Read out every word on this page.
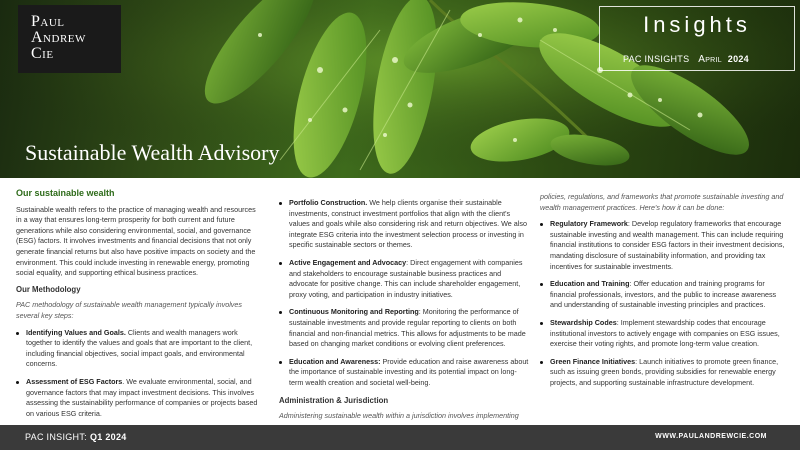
Paul
Andrew
Cie
Insights
PAC INSIGHTS April 2024
Sustainable Wealth Advisory
Our sustainable wealth

Sustainable wealth refers to the practice of managing wealth and resources in a way that ensures long-term prosperity for both current and future generations while also considering environmental, social, and governance (ESG) factors. It involves investments and financial decisions that not only generate financial returns but also have positive impacts on society and the environment. This could include investing in renewable energy, promoting social equality, and supporting ethical business practices.

Our Methodology

PAC methodology of sustainable wealth management typically involves several key steps:

Identifying Values and Goals. Clients and wealth managers work together to identify the values and goals that are important to the client, including financial objectives, social impact goals, and environmental concerns.
Assessment of ESG Factors. We evaluate environmental, social, and governance factors that may impact investment decisions. This involves assessing the sustainability performance of companies or projects based on various ESG criteria.
Portfolio Construction. We help clients organise their sustainable investments, construct investment portfolios that align with the client's values and goals while also considering risk and return objectives. We also integrate ESG criteria into the investment selection process or investing in specific sustainable sectors or themes.
Active Engagement and Advocacy: Direct engagement with companies and stakeholders to encourage sustainable business practices and advocate for positive change. This can include shareholder engagement, proxy voting, and participation in industry initiatives.
Continuous Monitoring and Reporting: Monitoring the performance of sustainable investments and provide regular reporting to clients on both financial and non-financial metrics. This allows for adjustments to be made based on changing market conditions or evolving client preferences.
Education and Awareness: Provide education and raise awareness about the importance of sustainable investing and its potential impact on long-term wealth creation and societal well-being.
Administration & Jurisdiction

Administering sustainable wealth within a jurisdiction involves implementing

policies, regulations, and frameworks that promote sustainable investing and wealth management practices. Here's how it can be done:

Regulatory Framework: Develop regulatory frameworks that encourage sustainable investing and wealth management. This can include requiring financial institutions to consider ESG factors in their investment decisions, mandating disclosure of sustainability information, and providing tax incentives for sustainable investments.
Education and Training: Offer education and training programs for financial professionals, investors, and the public to increase awareness and understanding of sustainable investing principles and practices.
Stewardship Codes: Implement stewardship codes that encourage institutional investors to actively engage with companies on ESG issues, exercise their voting rights, and promote long-term value creation.
Green Finance Initiatives: Launch initiatives to promote green finance, such as issuing green bonds, providing subsidies for renewable energy projects, and supporting sustainable infrastructure development.
PAC INSIGHT: Q1 2024	WWW.PAULANDREWCIE.COM
